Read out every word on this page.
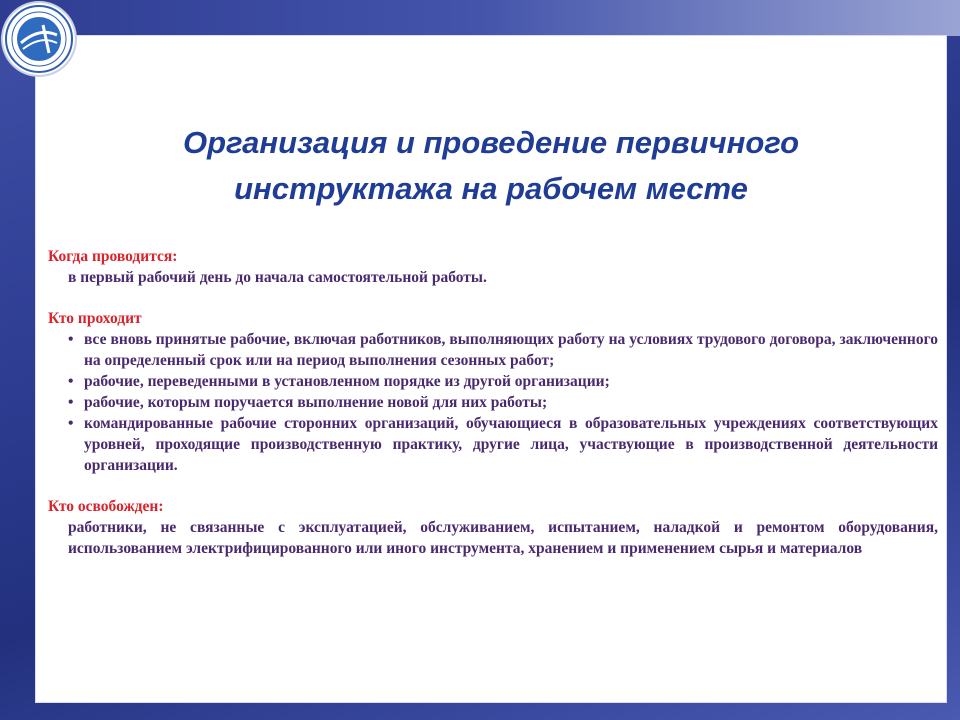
Организация и проведение первичного
инструктажа на рабочем месте
Когда проводится:
в первый рабочий день до начала самостоятельной работы.
Кто проходит
• все вновь принятые рабочие, включая работников, выполняющих работу на условиях трудового договора, заключенного на определенный срок или на период выполнения сезонных работ;
• рабочие, переведенными в установленном порядке из другой организации;
• рабочие, которым поручается выполнение новой для них работы;
• командированные рабочие сторонних организаций, обучающиеся в образовательных учреждениях соответствующих уровней, проходящие производственную практику, другие лица, участвующие в производственной деятельности организации.
Кто освобожден:
работники, не связанные с эксплуатацией, обслуживанием, испытанием, наладкой и ремонтом оборудования, использованием электрифицированного или иного инструмента, хранением и применением сырья и материалов
